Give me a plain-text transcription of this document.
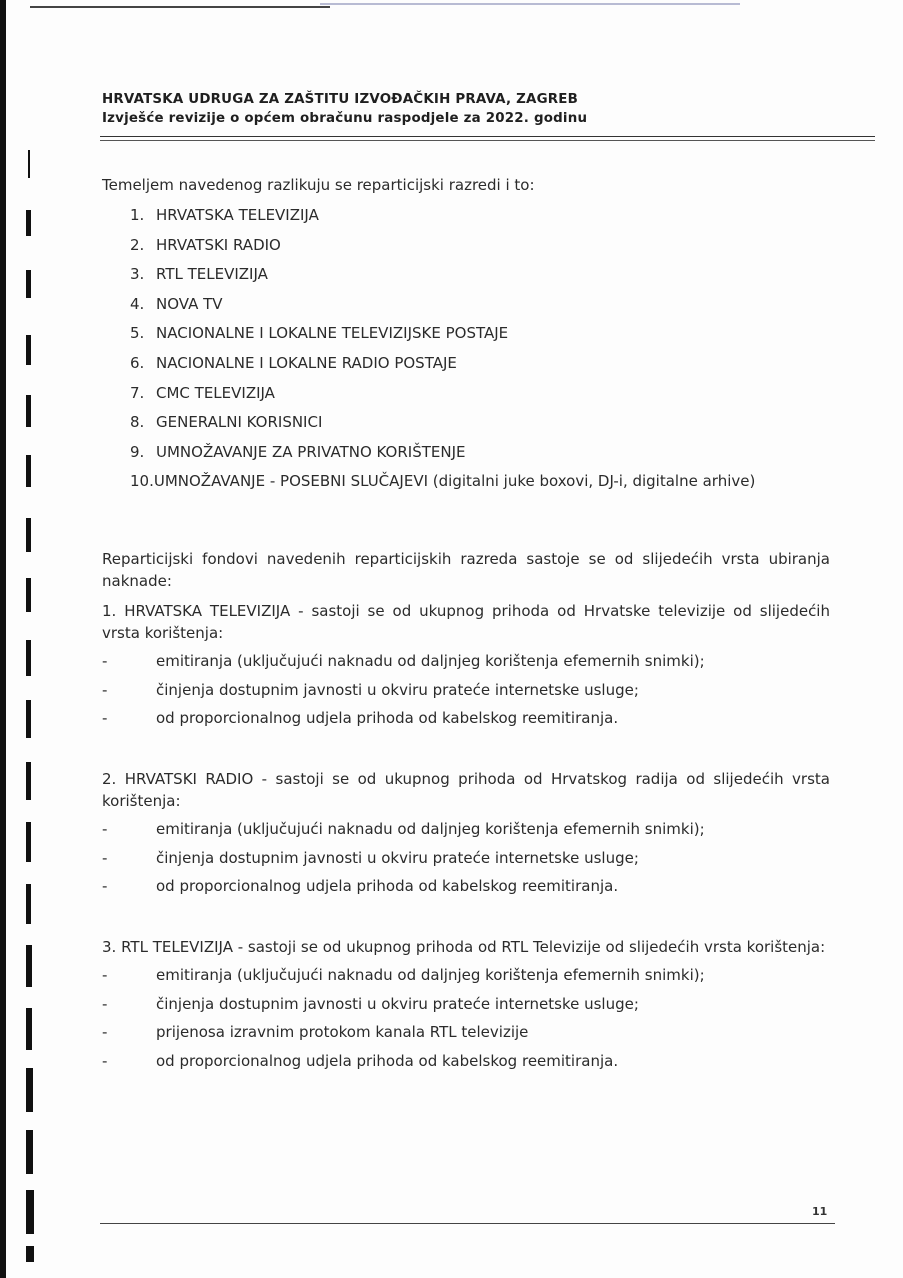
HRVATSKA UDRUGA ZA ZAŠTITU IZVOĐAČKIH PRAVA, ZAGREB
Izvješće revizije o općem obračunu raspodjele za 2022. godinu

Temeljem navedenog razlikuju se reparticijski razredi i to:

1. HRVATSKA TELEVIZIJA
2. HRVATSKI RADIO
3. RTL TELEVIZIJA
4. NOVA TV
5. NACIONALNE I LOKALNE TELEVIZIJSKE POSTAJE
6. NACIONALNE I LOKALNE RADIO POSTAJE
7. CMC TELEVIZIJA
8. GENERALNI KORISNICI
9. UMNOŽAVANJE ZA PRIVATNO KORIŠTENJE
10.UMNOŽAVANJE - POSEBNI SLUČAJEVI (digitalni juke boxovi, DJ-i, digitalne arhive)

Reparticijski fondovi navedenih reparticijskih razreda sastoje se od slijedećih vrsta ubiranja naknade:

1. HRVATSKA TELEVIZIJA - sastoji se od ukupnog prihoda od Hrvatske televizije od slijedećih vrsta korištenja:

-	emitiranja (uključujući naknadu od daljnjeg korištenja efemernih snimki);
-	činjenja dostupnim javnosti u okviru prateće internetske usluge;
-	od proporcionalnog udjela prihoda od kabelskog reemitiranja.

2. HRVATSKI RADIO - sastoji se od ukupnog prihoda od Hrvatskog radija od slijedećih vrsta korištenja:

-	emitiranja (uključujući naknadu od daljnjeg korištenja efemernih snimki);
-	činjenja dostupnim javnosti u okviru prateće internetske usluge;
-	od proporcionalnog udjela prihoda od kabelskog reemitiranja.

3. RTL TELEVIZIJA - sastoji se od ukupnog prihoda od RTL Televizije od slijedećih vrsta korištenja:

-	emitiranja (uključujući naknadu od daljnjeg korištenja efemernih snimki);
-	činjenja dostupnim javnosti u okviru prateće internetske usluge;
-	prijenosa izravnim protokom kanala RTL televizije
-	od proporcionalnog udjela prihoda od kabelskog reemitiranja.
11
